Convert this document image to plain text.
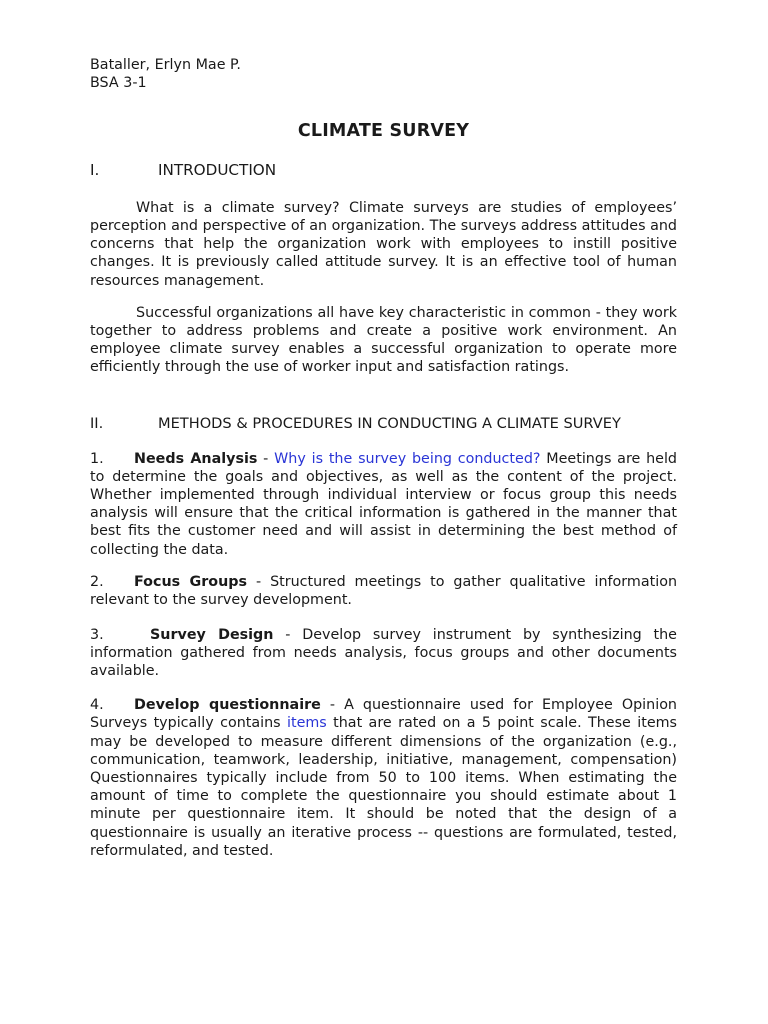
Bataller, Erlyn Mae P.

BSA 3-1

CLIMATE SURVEY
I.	INTRODUCTION

What is a climate survey? Climate surveys are studies of employees’ perception and perspective of an organization. The surveys address attitudes and concerns that help the organization work with employees to instill positive changes. It is previously called attitude survey. It is an effective tool of human resources management.

Successful organizations all have key characteristic in common - they work together to address problems and create a positive work environment. An employee climate survey enables a successful organization to operate more efficiently through the use of worker input and satisfaction ratings.

II.	METHODS & PROCEDURES IN CONDUCTING A CLIMATE SURVEY

1. Needs Analysis - Why is the survey being conducted? Meetings are held to determine the goals and objectives, as well as the content of the project. Whether implemented through individual interview or focus group this needs analysis will ensure that the critical information is gathered in the manner that best fits the customer need and will assist in determining the best method of collecting the data.

2. Focus Groups - Structured meetings to gather qualitative information relevant to the survey development.

3.	Survey Design - Develop survey instrument by synthesizing the information gathered from needs analysis, focus groups and other documents available.

4. Develop questionnaire - A questionnaire used for Employee Opinion Surveys typically contains items that are rated on a 5 point scale. These items may be developed to measure different dimensions of the organization (e.g., communication, teamwork, leadership, initiative, management, compensation) Questionnaires typically include from 50 to 100 items. When estimating the amount of time to complete the questionnaire you should estimate about 1 minute per questionnaire item. It should be noted that the design of a questionnaire is usually an iterative process -- questions are formulated, tested, reformulated, and tested.
